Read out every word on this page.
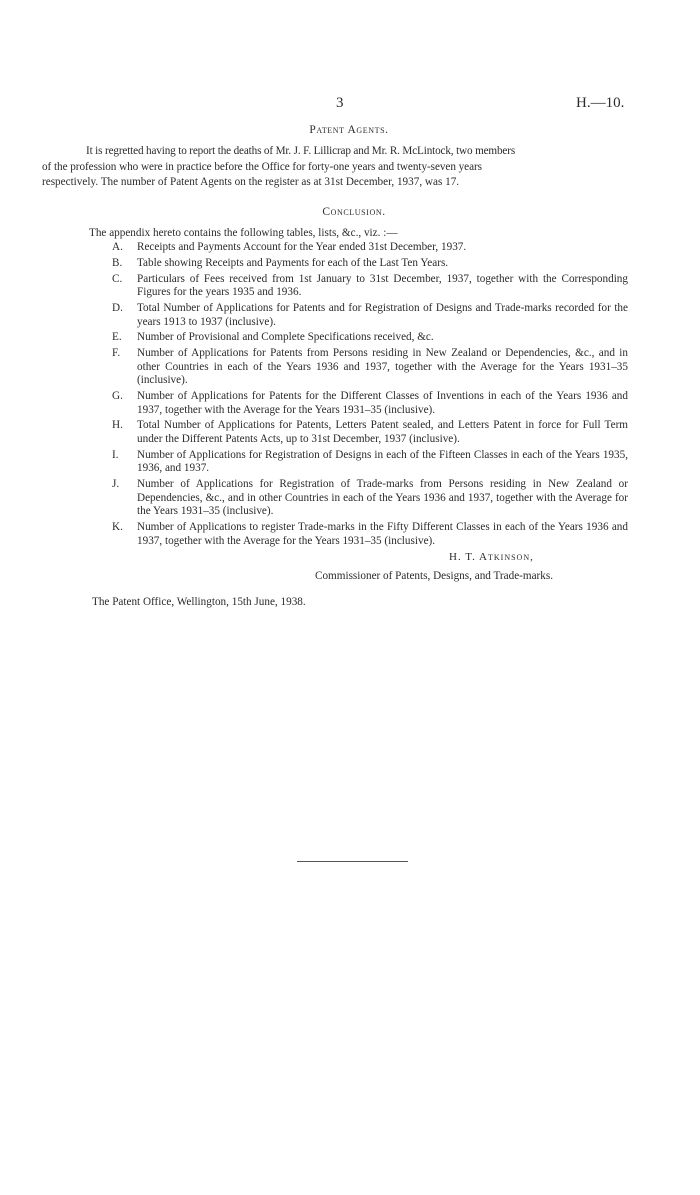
3	H.—10.
Patent Agents.
It is regretted having to report the deaths of Mr. J. F. Lillicrap and Mr. R. McLintock, two members
of the profession who were in practice before the Office for forty-one years and twenty-seven years
respectively. The number of Patent Agents on the register as at 31st December, 1937, was 17.
Conclusion.
The appendix hereto contains the following tables, lists, &c., viz. :—
A.	Receipts and Payments Account for the Year ended 31st December, 1937.
B.	Table showing Receipts and Payments for each of the Last Ten Years.
C.	Particulars of Fees received from 1st January to 31st December, 1937, together with the Corresponding Figures for the years 1935 and 1936.
D.	Total Number of Applications for Patents and for Registration of Designs and Trade-marks recorded for the years 1913 to 1937 (inclusive).
E.	Number of Provisional and Complete Specifications received, &c.
F.	Number of Applications for Patents from Persons residing in New Zealand or Dependencies, &c., and in other Countries in each of the Years 1936 and 1937, together with the Average for the Years 1931–35 (inclusive).
G.	Number of Applications for Patents for the Different Classes of Inventions in each of the Years 1936 and 1937, together with the Average for the Years 1931–35 (inclusive).
H.	Total Number of Applications for Patents, Letters Patent sealed, and Letters Patent in force for Full Term under the Different Patents Acts, up to 31st December, 1937 (inclusive).
I.	Number of Applications for Registration of Designs in each of the Fifteen Classes in each of the Years 1935, 1936, and 1937.
J.	Number of Applications for Registration of Trade-marks from Persons residing in New Zealand or Dependencies, &c., and in other Countries in each of the Years 1936 and 1937, together with the Average for the Years 1931–35 (inclusive).
K.	Number of Applications to register Trade-marks in the Fifty Different Classes in each of the Years 1936 and 1937, together with the Average for the Years 1931–35 (inclusive).
H. T. Atkinson,
Commissioner of Patents, Designs, and Trade-marks.
The Patent Office, Wellington, 15th June, 1938.
